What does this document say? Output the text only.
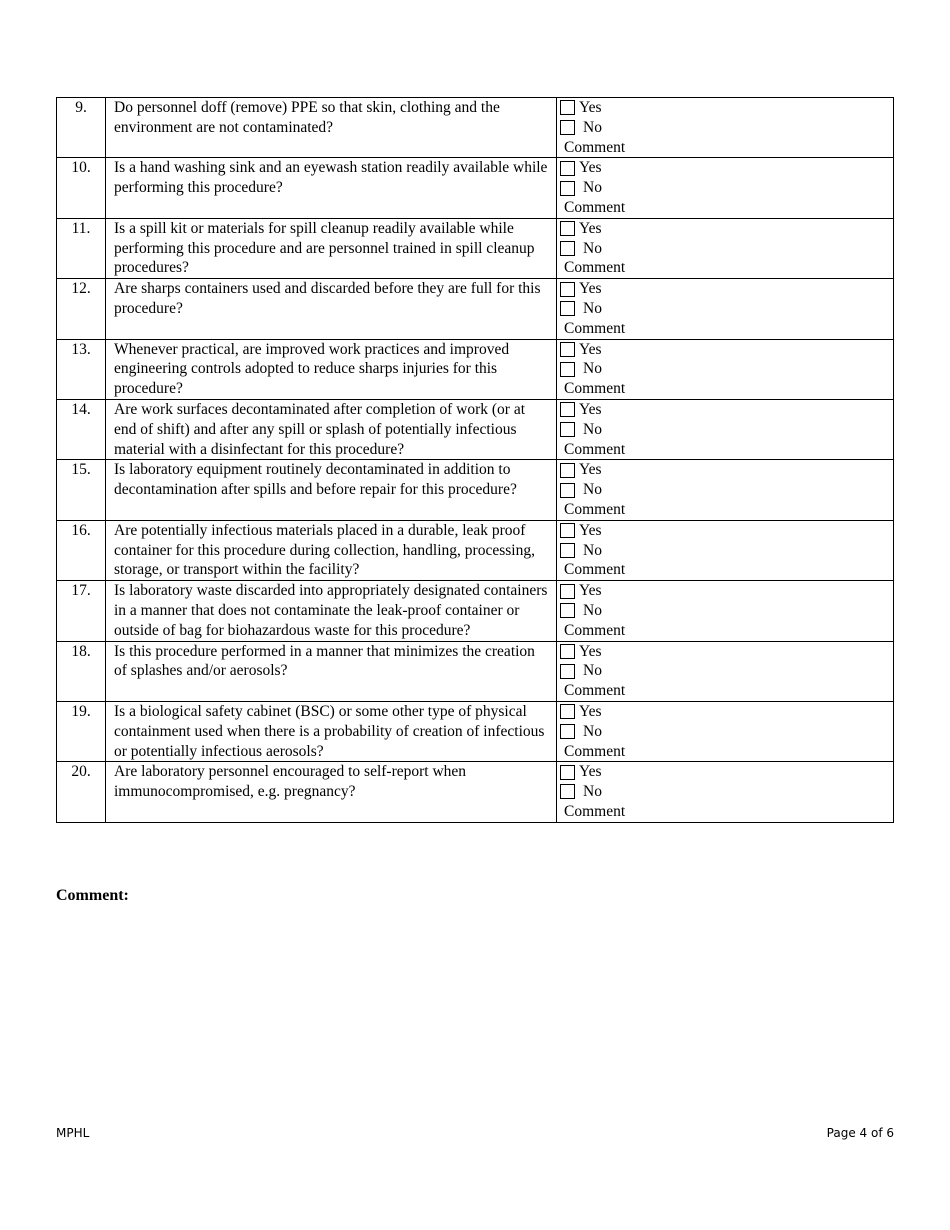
9.	Do personnel doff (remove) PPE so that skin, clothing and the environment are not contaminated?	Yes
No
Comment

10.	Is a hand washing sink and an eyewash station readily available while performing this procedure?	Yes
No
Comment

11.	Is a spill kit or materials for spill cleanup readily available while performing this procedure and are personnel trained in spill cleanup procedures?	Yes
No
Comment

12.	Are sharps containers used and discarded before they are full for this procedure?	Yes
No
Comment

13.	Whenever practical, are improved work practices and improved engineering controls adopted to reduce sharps injuries for this procedure?	Yes
No
Comment

14.	Are work surfaces decontaminated after completion of work (or at end of shift) and after any spill or splash of potentially infectious material with a disinfectant for this procedure?	Yes
No
Comment

15.	Is laboratory equipment routinely decontaminated in addition to decontamination after spills and before repair for this procedure?	Yes
No
Comment

16.	Are potentially infectious materials placed in a durable, leak proof container for this procedure during collection, handling, processing, storage, or transport within the facility?	Yes
No
Comment

17.	Is laboratory waste discarded into appropriately designated containers in a manner that does not contaminate the leak-proof container or outside of bag for biohazardous waste for this procedure?	Yes
No
Comment

18.	Is this procedure performed in a manner that minimizes the creation of splashes and/or aerosols?	Yes
No
Comment

19.	Is a biological safety cabinet (BSC) or some other type of physical containment used when there is a probability of creation of infectious or potentially infectious aerosols?	Yes
No
Comment

20.	Are laboratory personnel encouraged to self-report when immunocompromised, e.g. pregnancy?	Yes
No
Comment
Comment:
MPHL	Page 4 of 6
